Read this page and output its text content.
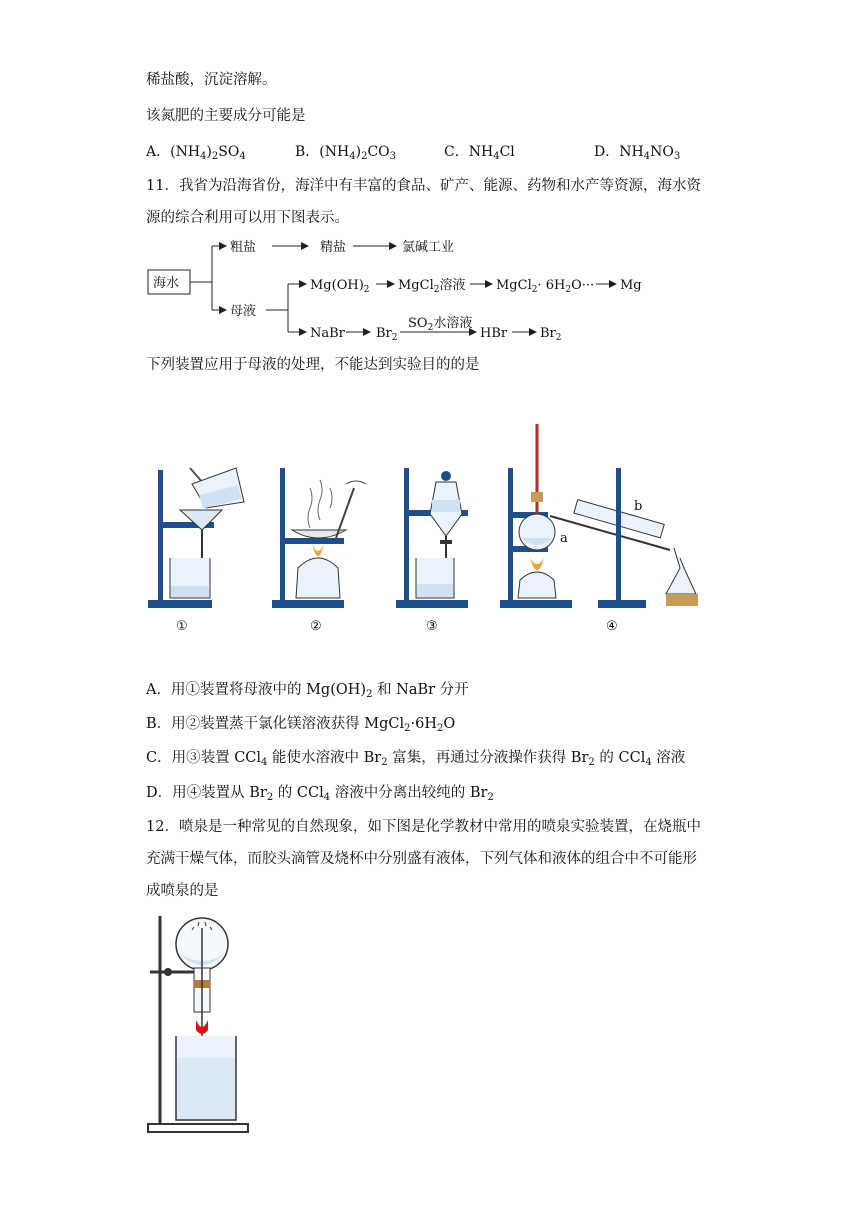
稀盐酸，沉淀溶解。
该氮肥的主要成分可能是
A．$(NH_4)_2SO_4$	B．$(NH_4)_2CO_3$	C．$NH_4Cl$	D．$NH_4NO_3$
11．我省为沿海省份，海洋中有丰富的食品、矿产、能源、药物和水产等资源，海水资
源的综合利用可以用下图表示。
海水
粗盐	精盐	氯碱工业
母液
$Mg(OH)_2$ MgCl$_2$溶液 MgCl$_2$· $6H_2O\cdot\cdot\cdot Mg$
NaBr $Br_2$
$SO_2$水溶液
HBr	$Br_2$
下列装置应用于母液的处理，不能达到实验目的的是
a
b
①	②	③	④
A．用①装置将母液中的 $Mg(OH)_2$ 和 NaBr 分开
B．用②装置蒸干氯化镁溶液获得 $MgCl_2\cdot 6H_2O$
C．用③装置 CCl$_4$ 能使水溶液中 $Br_2$ 富集，再通过分液操作获得 $Br_2$ 的 CCl$_4$ 溶液
D．用④装置从 $Br_2$ 的 CCl$_4$ 溶液中分离出较纯的 $Br_2$
12．喷泉是一种常见的自然现象，如下图是化学教材中常用的喷泉实验装置，在烧瓶中
充满干燥气体，而胶头滴管及烧杯中分别盛有液体，下列气体和液体的组合中不可能形
成喷泉的是
